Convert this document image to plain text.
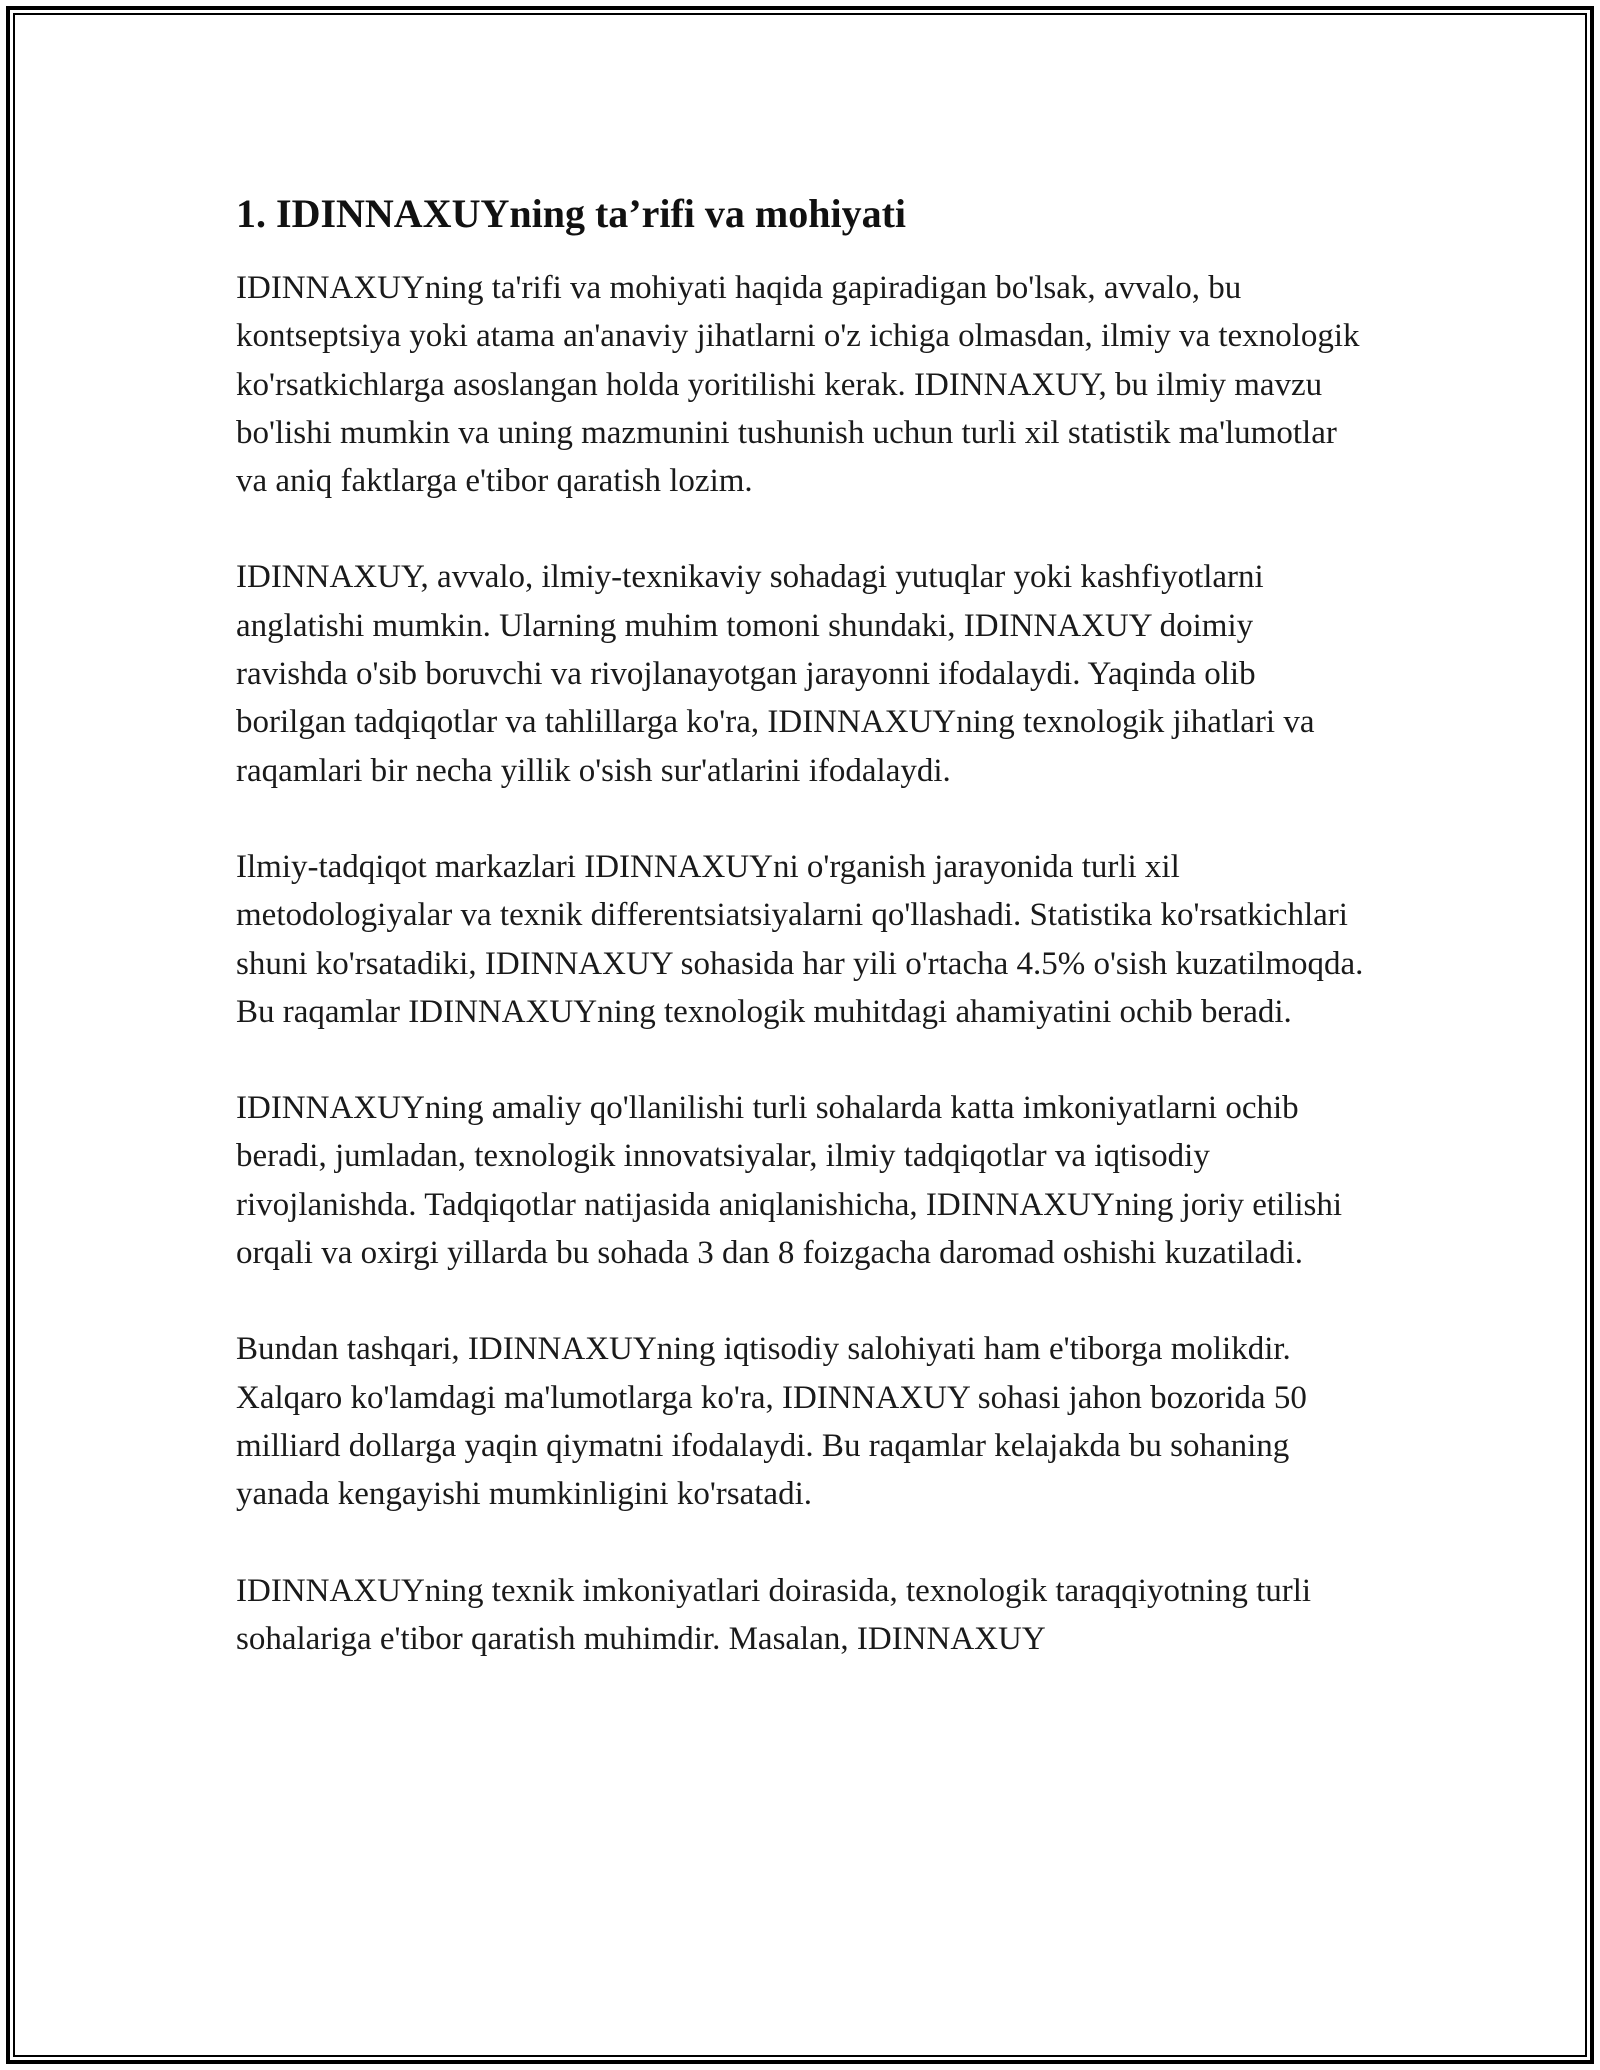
1. IDINNAXUYning ta’rifi va mohiyati

IDINNAXUYning ta'rifi va mohiyati haqida gapiradigan bo'lsak, avvalo, bu kontseptsiya yoki atama an'anaviy jihatlarni o'z ichiga olmasdan, ilmiy va texnologik ko'rsatkichlarga asoslangan holda yoritilishi kerak. IDINNAXUY, bu ilmiy mavzu bo'lishi mumkin va uning mazmunini tushunish uchun turli xil statistik ma'lumotlar va aniq faktlarga e'tibor qaratish lozim.

IDINNAXUY, avvalo, ilmiy-texnikaviy sohadagi yutuqlar yoki kashfiyotlarni anglatishi mumkin. Ularning muhim tomoni shundaki, IDINNAXUY doimiy ravishda o'sib boruvchi va rivojlanayotgan jarayonni ifodalaydi. Yaqinda olib borilgan tadqiqotlar va tahlillarga ko'ra, IDINNAXUYning texnologik jihatlari va raqamlari bir necha yillik o'sish sur'atlarini ifodalaydi.

Ilmiy-tadqiqot markazlari IDINNAXUYni o'rganish jarayonida turli xil metodologiyalar va texnik differentsiatsiyalarni qo'llashadi. Statistika ko'rsatkichlari shuni ko'rsatadiki, IDINNAXUY sohasida har yili o'rtacha 4.5% o'sish kuzatilmoqda. Bu raqamlar IDINNAXUYning texnologik muhitdagi ahamiyatini ochib beradi.

IDINNAXUYning amaliy qo'llanilishi turli sohalarda katta imkoniyatlarni ochib beradi, jumladan, texnologik innovatsiyalar, ilmiy tadqiqotlar va iqtisodiy rivojlanishda. Tadqiqotlar natijasida aniqlanishicha, IDINNAXUYning joriy etilishi orqali va oxirgi yillarda bu sohada 3 dan 8 foizgacha daromad oshishi kuzatiladi.

Bundan tashqari, IDINNAXUYning iqtisodiy salohiyati ham e'tiborga molikdir. Xalqaro ko'lamdagi ma'lumotlarga ko'ra, IDINNAXUY sohasi jahon bozorida 50 milliard dollarga yaqin qiymatni ifodalaydi. Bu raqamlar kelajakda bu sohaning yanada kengayishi mumkinligini ko'rsatadi.

IDINNAXUYning texnik imkoniyatlari doirasida, texnologik taraqqiyotning turli sohalariga e'tibor qaratish muhimdir. Masalan, IDINNAXUY
